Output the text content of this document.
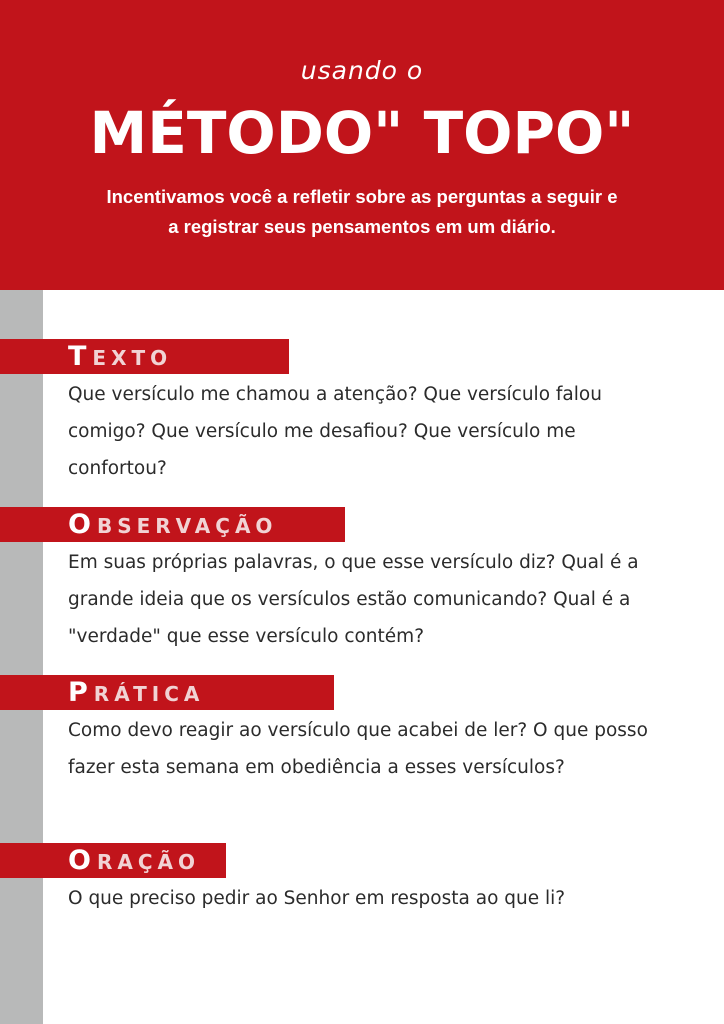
usando o
MÉTODO" TOPO"
Incentivamos você a refletir sobre as perguntas a seguir e
a registrar seus pensamentos em um diário.
T EXTO
Que versículo me chamou a atenção? Que versículo falou comigo? Que versículo me desafiou? Que versículo me confortou?
O BSERVAÇÃO
Em suas próprias palavras, o que esse versículo diz? Qual é a grande ideia que os versículos estão comunicando? Qual é a "verdade" que esse versículo contém?
P RÁTICA
Como devo reagir ao versículo que acabei de ler? O que posso fazer esta semana em obediência a esses versículos?
O RAÇÃO
O que preciso pedir ao Senhor em resposta ao que li?
